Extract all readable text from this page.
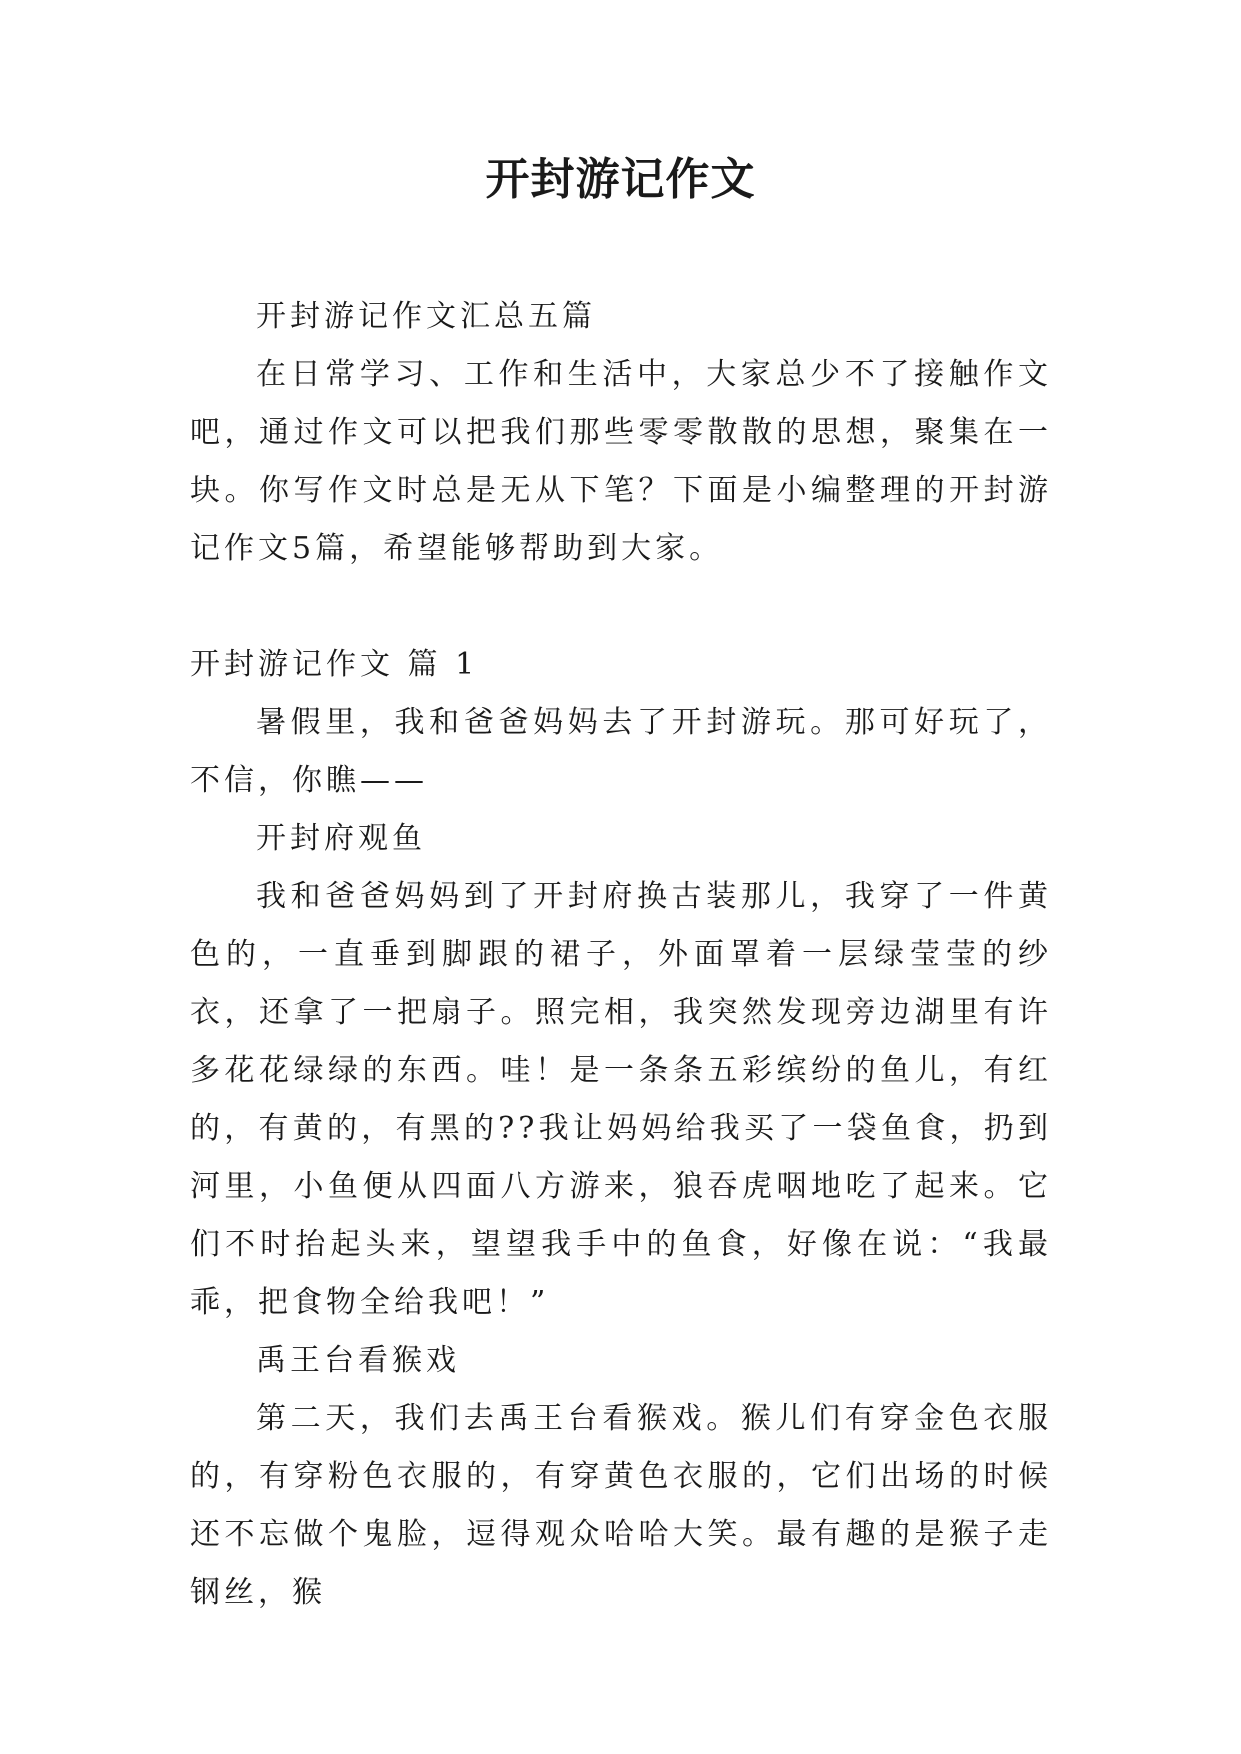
开封游记作文

开封游记作文汇总五篇

在日常学习、工作和生活中，大家总少不了接触作文吧，通过作文可以把我们那些零零散散的思想，聚集在一块。你写作文时总是无从下笔？下面是小编整理的开封游记作文5篇，希望能够帮助到大家。

开封游记作文 篇 1

暑假里，我和爸爸妈妈去了开封游玩。那可好玩了，不信，你瞧——

开封府观鱼

我和爸爸妈妈到了开封府换古装那儿，我穿了一件黄色的，一直垂到脚跟的裙子，外面罩着一层绿莹莹的纱衣，还拿了一把扇子。照完相，我突然发现旁边湖里有许多花花绿绿的东西。哇！是一条条五彩缤纷的鱼儿，有红的，有黄的，有黑的??我让妈妈给我买了一袋鱼食，扔到河里，小鱼便从四面八方游来，狼吞虎咽地吃了起来。它们不时抬起头来，望望我手中的鱼食，好像在说：“我最乖，把食物全给我吧！”

禹王台看猴戏

第二天，我们去禹王台看猴戏。猴儿们有穿金色衣服的，有穿粉色衣服的，有穿黄色衣服的，它们出场的时候还不忘做个鬼脸，逗得观众哈哈大笑。最有趣的是猴子走钢丝，猴
